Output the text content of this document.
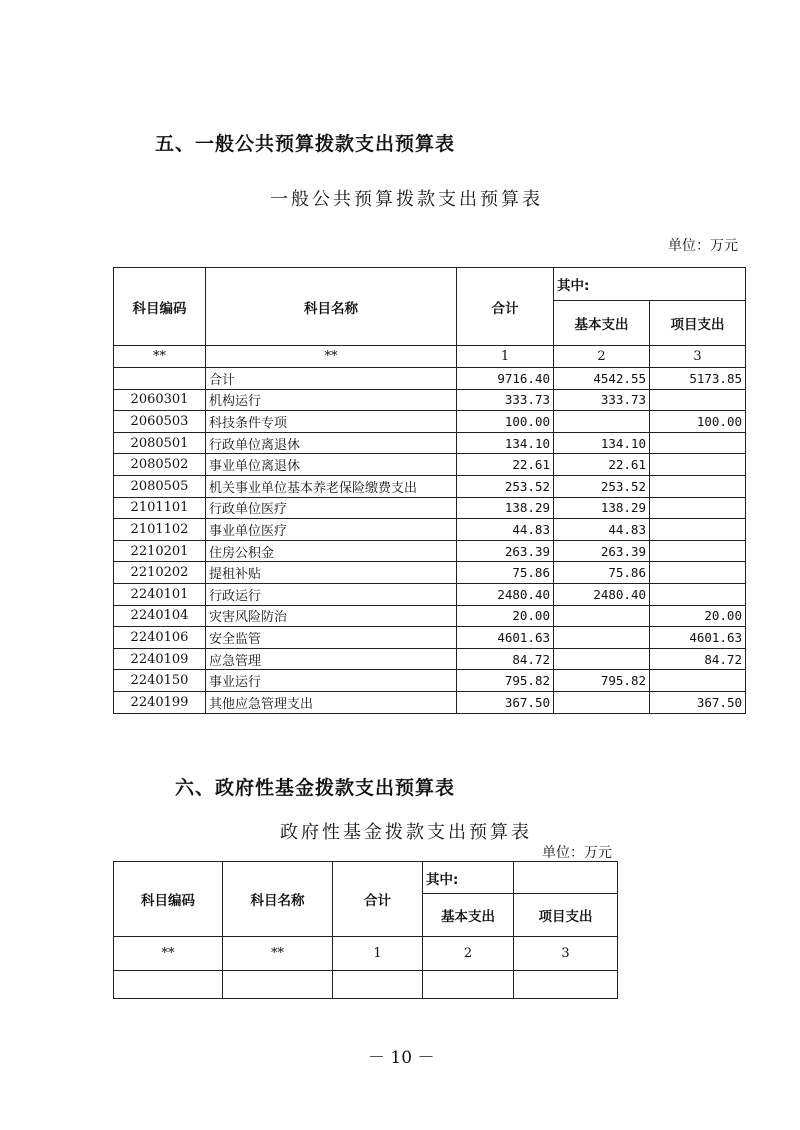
五、一般公共预算拨款支出预算表
一般公共预算拨款支出预算表
单位：万元
科目编码	科目名称	合计	其中:	
			基本支出	项目支出
**	**	1	2	3
	合计	9716.40	4542.55	5173.85
2060301	机构运行	333.73	333.73	
2060503	科技条件专项	100.00		100.00
2080501	行政单位离退休	134.10	134.10	
2080502	事业单位离退休	22.61	22.61	
2080505	机关事业单位基本养老保险缴费支出	253.52	253.52	
2101101	行政单位医疗	138.29	138.29	
2101102	事业单位医疗	44.83	44.83	
2210201	住房公积金	263.39	263.39	
2210202	提租补贴	75.86	75.86	
2240101	行政运行	2480.40	2480.40	
2240104	灾害风险防治	20.00		20.00
2240106	安全监管	4601.63		4601.63
2240109	应急管理	84.72		84.72
2240150	事业运行	795.82	795.82	
2240199	其他应急管理支出	367.50		367.50
六、政府性基金拨款支出预算表
政府性基金拨款支出预算表
单位：万元
科目编码	科目名称	合计	其中:	
			基本支出	项目支出
**	**	1	2	3

－ 10 －
